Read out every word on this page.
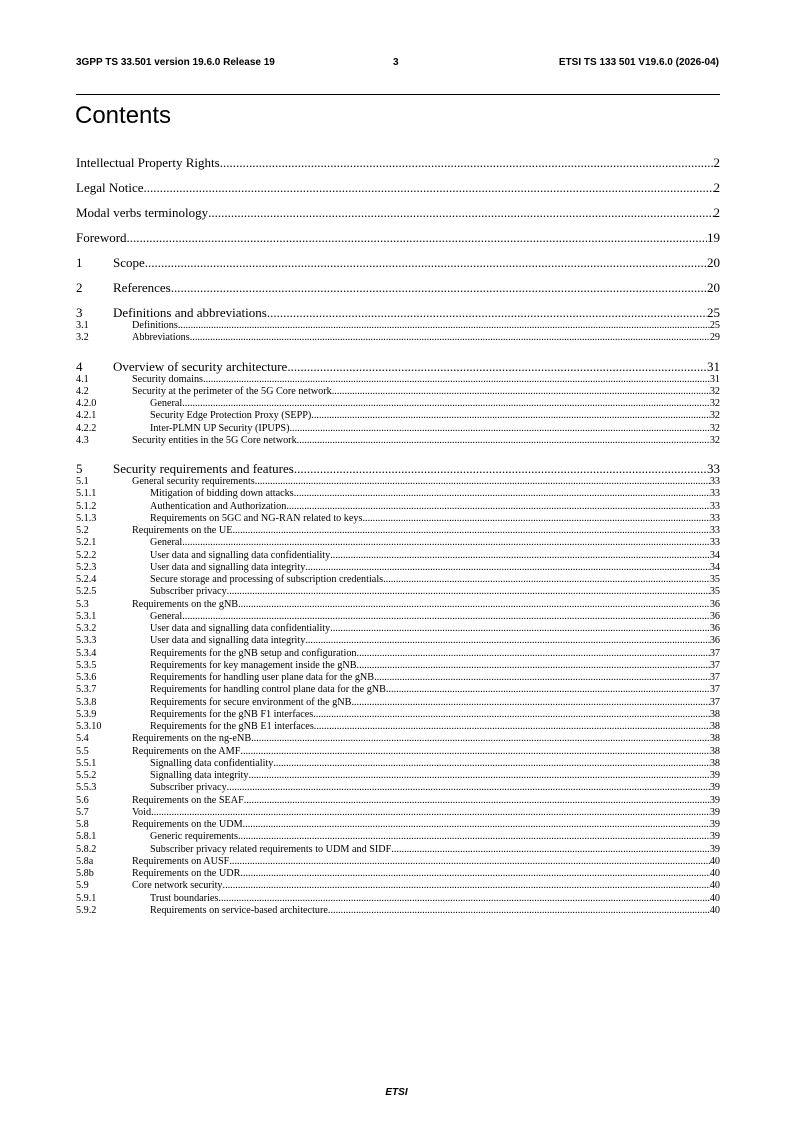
3GPP TS 33.501 version 19.6.0 Release 19	3	ETSI TS 133 501 V19.6.0 (2026-04)
Contents
Intellectual Property Rights .....	2
Legal Notice .....	2
Modal verbs terminology .....	2
Foreword .....	19
1 Scope .....	20
2 References .....	20
3 Definitions and abbreviations .....	25
3.1	Definitions .....	25
3.2	Abbreviations .....	29
4 Overview of security architecture .....	31
4.1	Security domains .....	31
4.2	Security at the perimeter of the 5G Core network .....	32
4.2.0	General .....	32
4.2.1	Security Edge Protection Proxy (SEPP) .....	32
4.2.2	Inter-PLMN UP Security (IPUPS) .....	32
4.3	Security entities in the 5G Core network .....	32
5 Security requirements and features .....	33
5.1	General security requirements .....	33
5.1.1	Mitigation of bidding down attacks .....	33
5.1.2	Authentication and Authorization .....	33
5.1.3	Requirements on 5GC and NG-RAN related to keys .....	33
5.2	Requirements on the UE .....	33
5.2.1	General .....	33
5.2.2	User data and signalling data confidentiality .....	34
5.2.3	User data and signalling data integrity .....	34
5.2.4	Secure storage and processing of subscription credentials .....	35
5.2.5	Subscriber privacy .....	35
5.3	Requirements on the gNB .....	36
5.3.1	General .....	36
5.3.2	User data and signalling data confidentiality .....	36
5.3.3	User data and signalling data integrity .....	36
5.3.4	Requirements for the gNB setup and configuration .....	37
5.3.5	Requirements for key management inside the gNB .....	37
5.3.6	Requirements for handling user plane data for the gNB .....	37
5.3.7	Requirements for handling control plane data for the gNB .....	37
5.3.8	Requirements for secure environment of the gNB .....	37
5.3.9	Requirements for the gNB F1 interfaces .....	38
5.3.10	Requirements for the gNB E1 interfaces .....	38
5.4	Requirements on the ng-eNB .....	38
5.5	Requirements on the AMF .....	38
5.5.1	Signalling data confidentiality .....	38
5.5.2	Signalling data integrity .....	39
5.5.3	Subscriber privacy .....	39
5.6	Requirements on the SEAF .....	39
5.7	Void .....	39
5.8	Requirements on the UDM .....	39
5.8.1	Generic requirements .....	39
5.8.2	Subscriber privacy related requirements to UDM and SIDF .....	39
5.8a	Requirements on AUSF .....	40
5.8b	Requirements on the UDR .....	40
5.9	Core network security .....	40
5.9.1	Trust boundaries .....	40
5.9.2	Requirements on service-based architecture .....	40
ETSI
